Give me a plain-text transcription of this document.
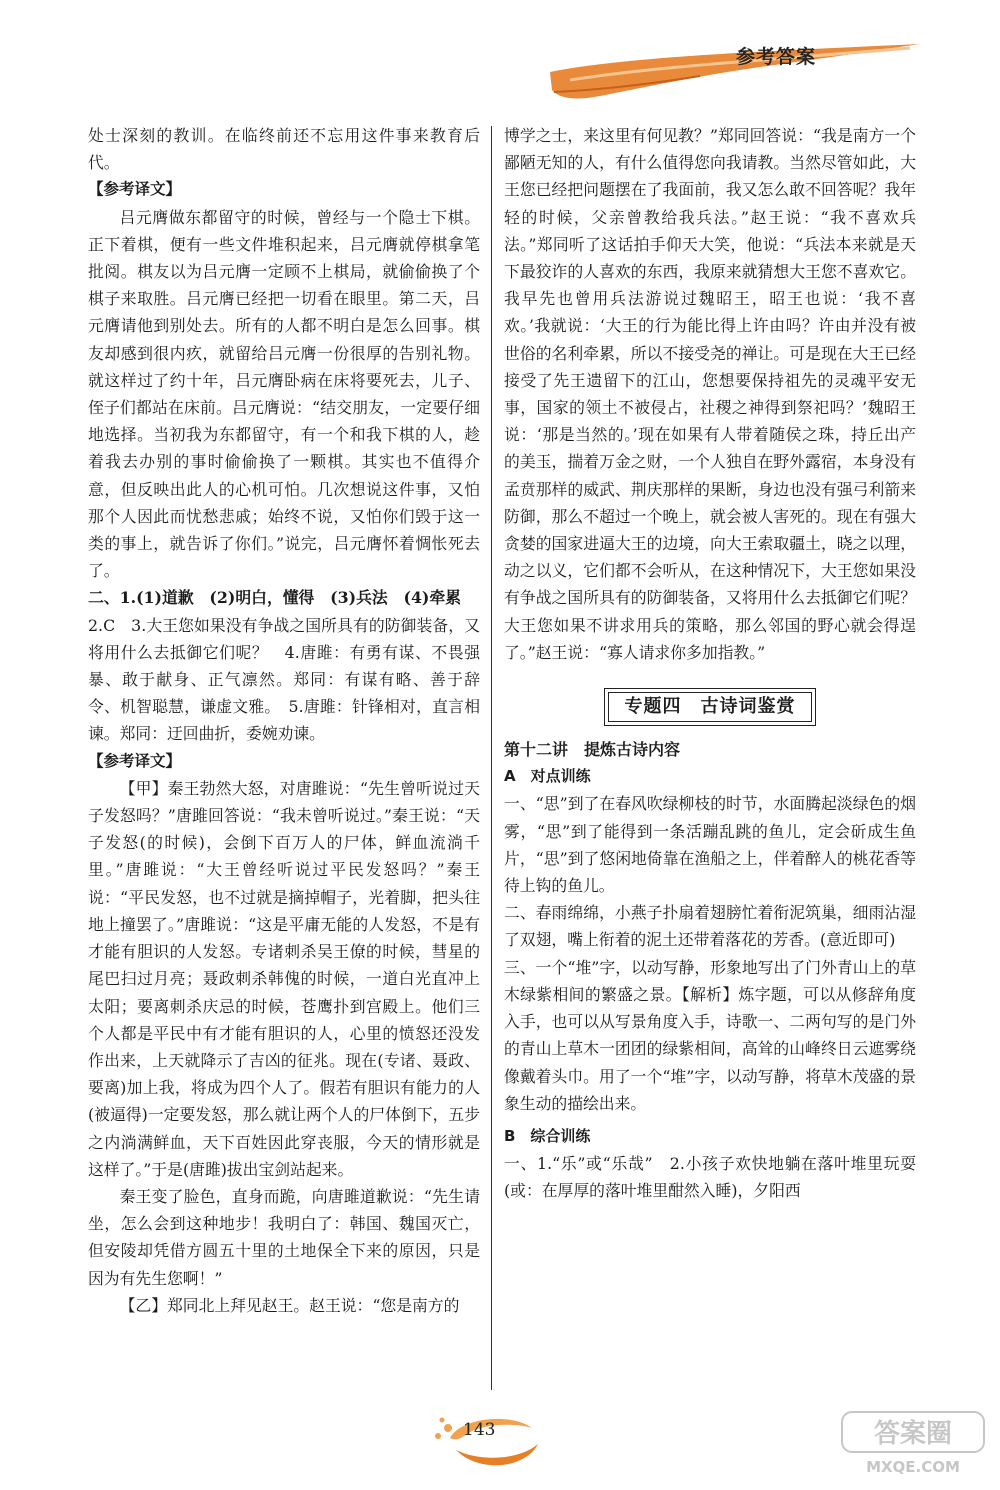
参考答案

处士深刻的教训。在临终前还不忘用这件事来教育后代。

【参考译文】

吕元膺做东都留守的时候，曾经与一个隐士下棋。正下着棋，便有一些文件堆积起来，吕元膺就停棋拿笔批阅。棋友以为吕元膺一定顾不上棋局，就偷偷换了个棋子来取胜。吕元膺已经把一切看在眼里。第二天，吕元膺请他到别处去。所有的人都不明白是怎么回事。棋友却感到很内疚，就留给吕元膺一份很厚的告别礼物。就这样过了约十年，吕元膺卧病在床将要死去，儿子、侄子们都站在床前。吕元膺说：“结交朋友，一定要仔细地选择。当初我为东都留守，有一个和我下棋的人，趁着我去办别的事时偷偷换了一颗棋。其实也不值得介意，但反映出此人的心机可怕。几次想说这件事，又怕那个人因此而忧愁悲戚；始终不说，又怕你们毁于这一类的事上，就告诉了你们。”说完，吕元膺怀着惆怅死去了。

二、1.(1)道歉　(2)明白，懂得　(3)兵法　(4)牵累

2.C　3.大王您如果没有争战之国所具有的防御装备，又将用什么去抵御它们呢？　4.唐雎：有勇有谋、不畏强暴、敢于献身、正气凛然。郑同：有谋有略、善于辞令、机智聪慧，谦虚文雅。　5.唐雎：针锋相对，直言相谏。郑同：迂回曲折，委婉劝谏。

【参考译文】

【甲】秦王勃然大怒，对唐雎说：“先生曾听说过天子发怒吗？”唐雎回答说：“我未曾听说过。”秦王说：“天子发怒(的时候)，会倒下百万人的尸体，鲜血流淌千里。”唐雎说：“大王曾经听说过平民发怒吗？”秦王说：“平民发怒，也不过就是摘掉帽子，光着脚，把头往地上撞罢了。”唐雎说：“这是平庸无能的人发怒，不是有才能有胆识的人发怒。专诸刺杀吴王僚的时候，彗星的尾巴扫过月亮；聂政刺杀韩傀的时候，一道白光直冲上太阳；要离刺杀庆忌的时候，苍鹰扑到宫殿上。他们三个人都是平民中有才能有胆识的人，心里的愤怒还没发作出来，上天就降示了吉凶的征兆。现在(专诸、聂政、要离)加上我，将成为四个人了。假若有胆识有能力的人(被逼得)一定要发怒，那么就让两个人的尸体倒下，五步之内淌满鲜血，天下百姓因此穿丧服，今天的情形就是这样了。”于是(唐雎)拔出宝剑站起来。

秦王变了脸色，直身而跪，向唐雎道歉说：“先生请坐，怎么会到这种地步！我明白了：韩国、魏国灭亡，但安陵却凭借方圆五十里的土地保全下来的原因，只是因为有先生您啊！”

【乙】郑同北上拜见赵王。赵王说：“您是南方的

博学之士，来这里有何见教？”郑同回答说：“我是南方一个鄙陋无知的人，有什么值得您向我请教。当然尽管如此，大王您已经把问题摆在了我面前，我又怎么敢不回答呢？我年轻的时候，父亲曾教给我兵法。”赵王说：“我不喜欢兵法。”郑同听了这话拍手仰天大笑，他说：“兵法本来就是天下最狡诈的人喜欢的东西，我原来就猜想大王您不喜欢它。我早先也曾用兵法游说过魏昭王，昭王也说：‘我不喜欢。’我就说：‘大王的行为能比得上许由吗？许由并没有被世俗的名利牵累，所以不接受尧的禅让。可是现在大王已经接受了先王遗留下的江山，您想要保持祖先的灵魂平安无事，国家的领土不被侵占，社稷之神得到祭祀吗？’魏昭王说：‘那是当然的。’现在如果有人带着随侯之珠，持丘出产的美玉，揣着万金之财，一个人独自在野外露宿，本身没有孟贲那样的威武、荆庆那样的果断，身边也没有强弓利箭来防御，那么不超过一个晚上，就会被人害死的。现在有强大贪婪的国家进逼大王的边境，向大王索取疆土，晓之以理，动之以义，它们都不会听从，在这种情况下，大王您如果没有争战之国所具有的防御装备，又将用什么去抵御它们呢？大王您如果不讲求用兵的策略，那么邻国的野心就会得逞了。”赵王说：“寡人请求你多加指教。”

专题四　古诗词鉴赏

第十二讲　提炼古诗内容

A　对点训练

一、“思”到了在春风吹绿柳枝的时节，水面腾起淡绿色的烟雾，“思”到了能得到一条活蹦乱跳的鱼儿，定会斫成生鱼片，“思”到了悠闲地倚靠在渔船之上，伴着醉人的桃花香等待上钩的鱼儿。

二、春雨绵绵，小燕子扑扇着翅膀忙着衔泥筑巢，细雨沾湿了双翅，嘴上衔着的泥土还带着落花的芳香。(意近即可)

三、一个“堆”字，以动写静，形象地写出了门外青山上的草木绿紫相间的繁盛之景。【解析】炼字题，可以从修辞角度入手，也可以从写景角度入手，诗歌一、二两句写的是门外的青山上草木一团团的绿紫相间，高耸的山峰终日云遮雾绕像戴着头巾。用了一个“堆”字，以动写静，将草木茂盛的景象生动的描绘出来。

B　综合训练

一、1.“乐”或“乐哉”　2.小孩子欢快地躺在落叶堆里玩耍(或：在厚厚的落叶堆里酣然入睡)，夕阳西

143	答案圈
MXQE.COM
